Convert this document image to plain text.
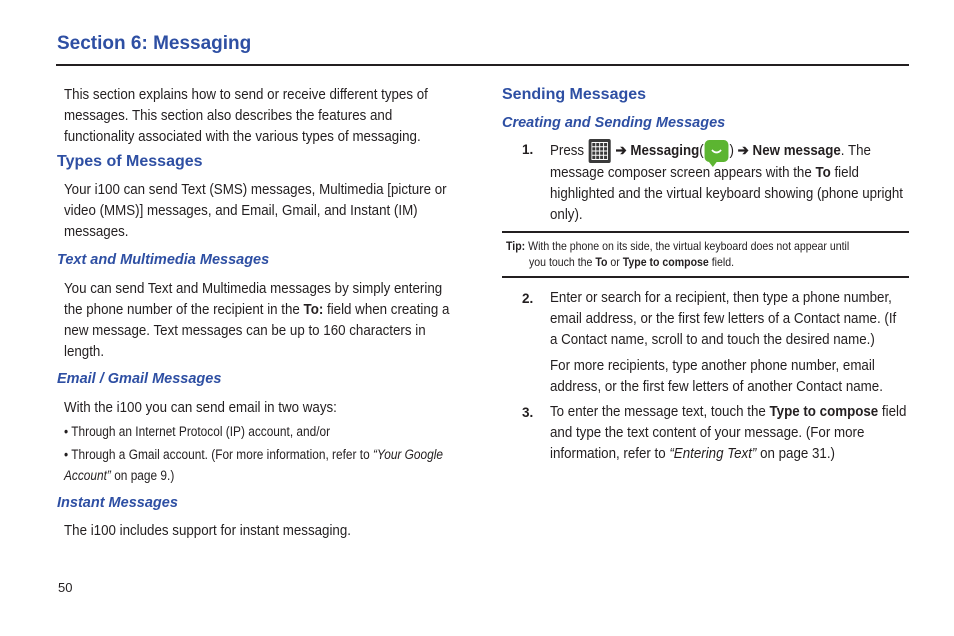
Section 6: Messaging
This section explains how to send or receive different types of messages. This section also describes the features and functionality associated with the various types of messaging.
Types of Messages
Your i100 can send Text (SMS) messages, Multimedia [picture or video (MMS)] messages, and Email, Gmail, and Instant (IM) messages.
Text and Multimedia Messages
You can send Text and Multimedia messages by simply entering the phone number of the recipient in the To: field when creating a new message. Text messages can be up to 160 characters in length.
Email / Gmail Messages
With the i100 you can send email in two ways:
• Through an Internet Protocol (IP) account, and/or
• Through a Gmail account. (For more information, refer to “Your Google Account” on page 9.)
Instant Messages
The i100 includes support for instant messaging.
Sending Messages
Creating and Sending Messages
1. Press ➔ Messaging( ) ➔ New message. The message composer screen appears with the To field highlighted and the virtual keyboard showing (phone upright only).
Tip: With the phone on its side, the virtual keyboard does not appear until
you touch the To or Type to compose field.
2. Enter or search for a recipient, then type a phone number, email address, or the first few letters of a Contact name. (If a Contact name, scroll to and touch the desired name.)
For more recipients, type another phone number, email address, or the first few letters of another Contact name.
3. To enter the message text, touch the Type to compose field and type the text content of your message. (For more information, refer to “Entering Text” on page 31.)
50
